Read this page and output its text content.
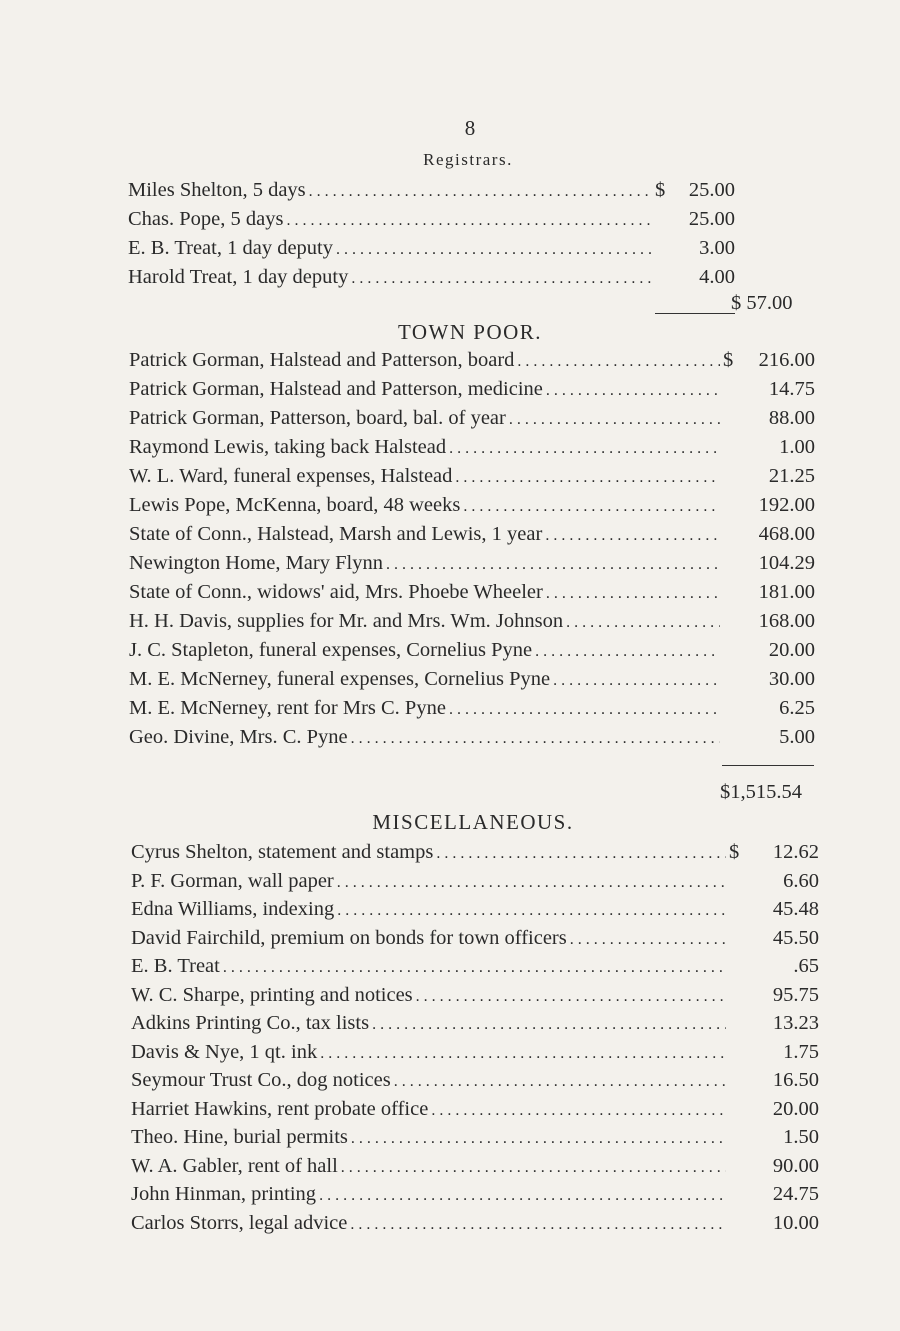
8
Registrars.
Miles Shelton, 5 days . . .	$	25.00
Chas. Pope, 5 days . . .	25.00
E. B. Treat, 1 day deputy . . .	3.00
Harold Treat, 1 day deputy . . .	4.00
$ 57.00
TOWN POOR.
Patrick Gorman, Halstead and Patterson, board . . .	$	216.00
Patrick Gorman, Halstead and Patterson, medicine . . .	14.75
Patrick Gorman, Patterson, board, bal. of year . . .	88.00
Raymond Lewis, taking back Halstead . . .	1.00
W. L. Ward, funeral expenses, Halstead . . .	21.25
Lewis Pope, McKenna, board, 48 weeks . . .	192.00
State of Conn., Halstead, Marsh and Lewis, 1 year . . .	468.00
Newington Home, Mary Flynn . . .	104.29
State of Conn., widows' aid, Mrs. Phoebe Wheeler . . .	181.00
H. H. Davis, supplies for Mr. and Mrs. Wm. Johnson . . .	168.00
J. C. Stapleton, funeral expenses, Cornelius Pyne . . .	20.00
M. E. McNerney, funeral expenses, Cornelius Pyne . . .	30.00
M. E. McNerney, rent for Mrs C. Pyne . . .	6.25
Geo. Divine, Mrs. C. Pyne . . .	5.00
$1,515.54
MISCELLANEOUS.
Cyrus Shelton, statement and stamps . . .	$	12.62
P. F. Gorman, wall paper . . .	6.60
Edna Williams, indexing . . .	45.48
David Fairchild, premium on bonds for town officers . . .	45.50
E. B. Treat . . .	.65
W. C. Sharpe, printing and notices . . .	95.75
Adkins Printing Co., tax lists . . .	13.23
Davis & Nye, 1 qt. ink . . .	1.75
Seymour Trust Co., dog notices . . .	16.50
Harriet Hawkins, rent probate office . . .	20.00
Theo. Hine, burial permits . . .	1.50
W. A. Gabler, rent of hall . . .	90.00
John Hinman, printing . . .	24.75
Carlos Storrs, legal advice . . .	10.00
